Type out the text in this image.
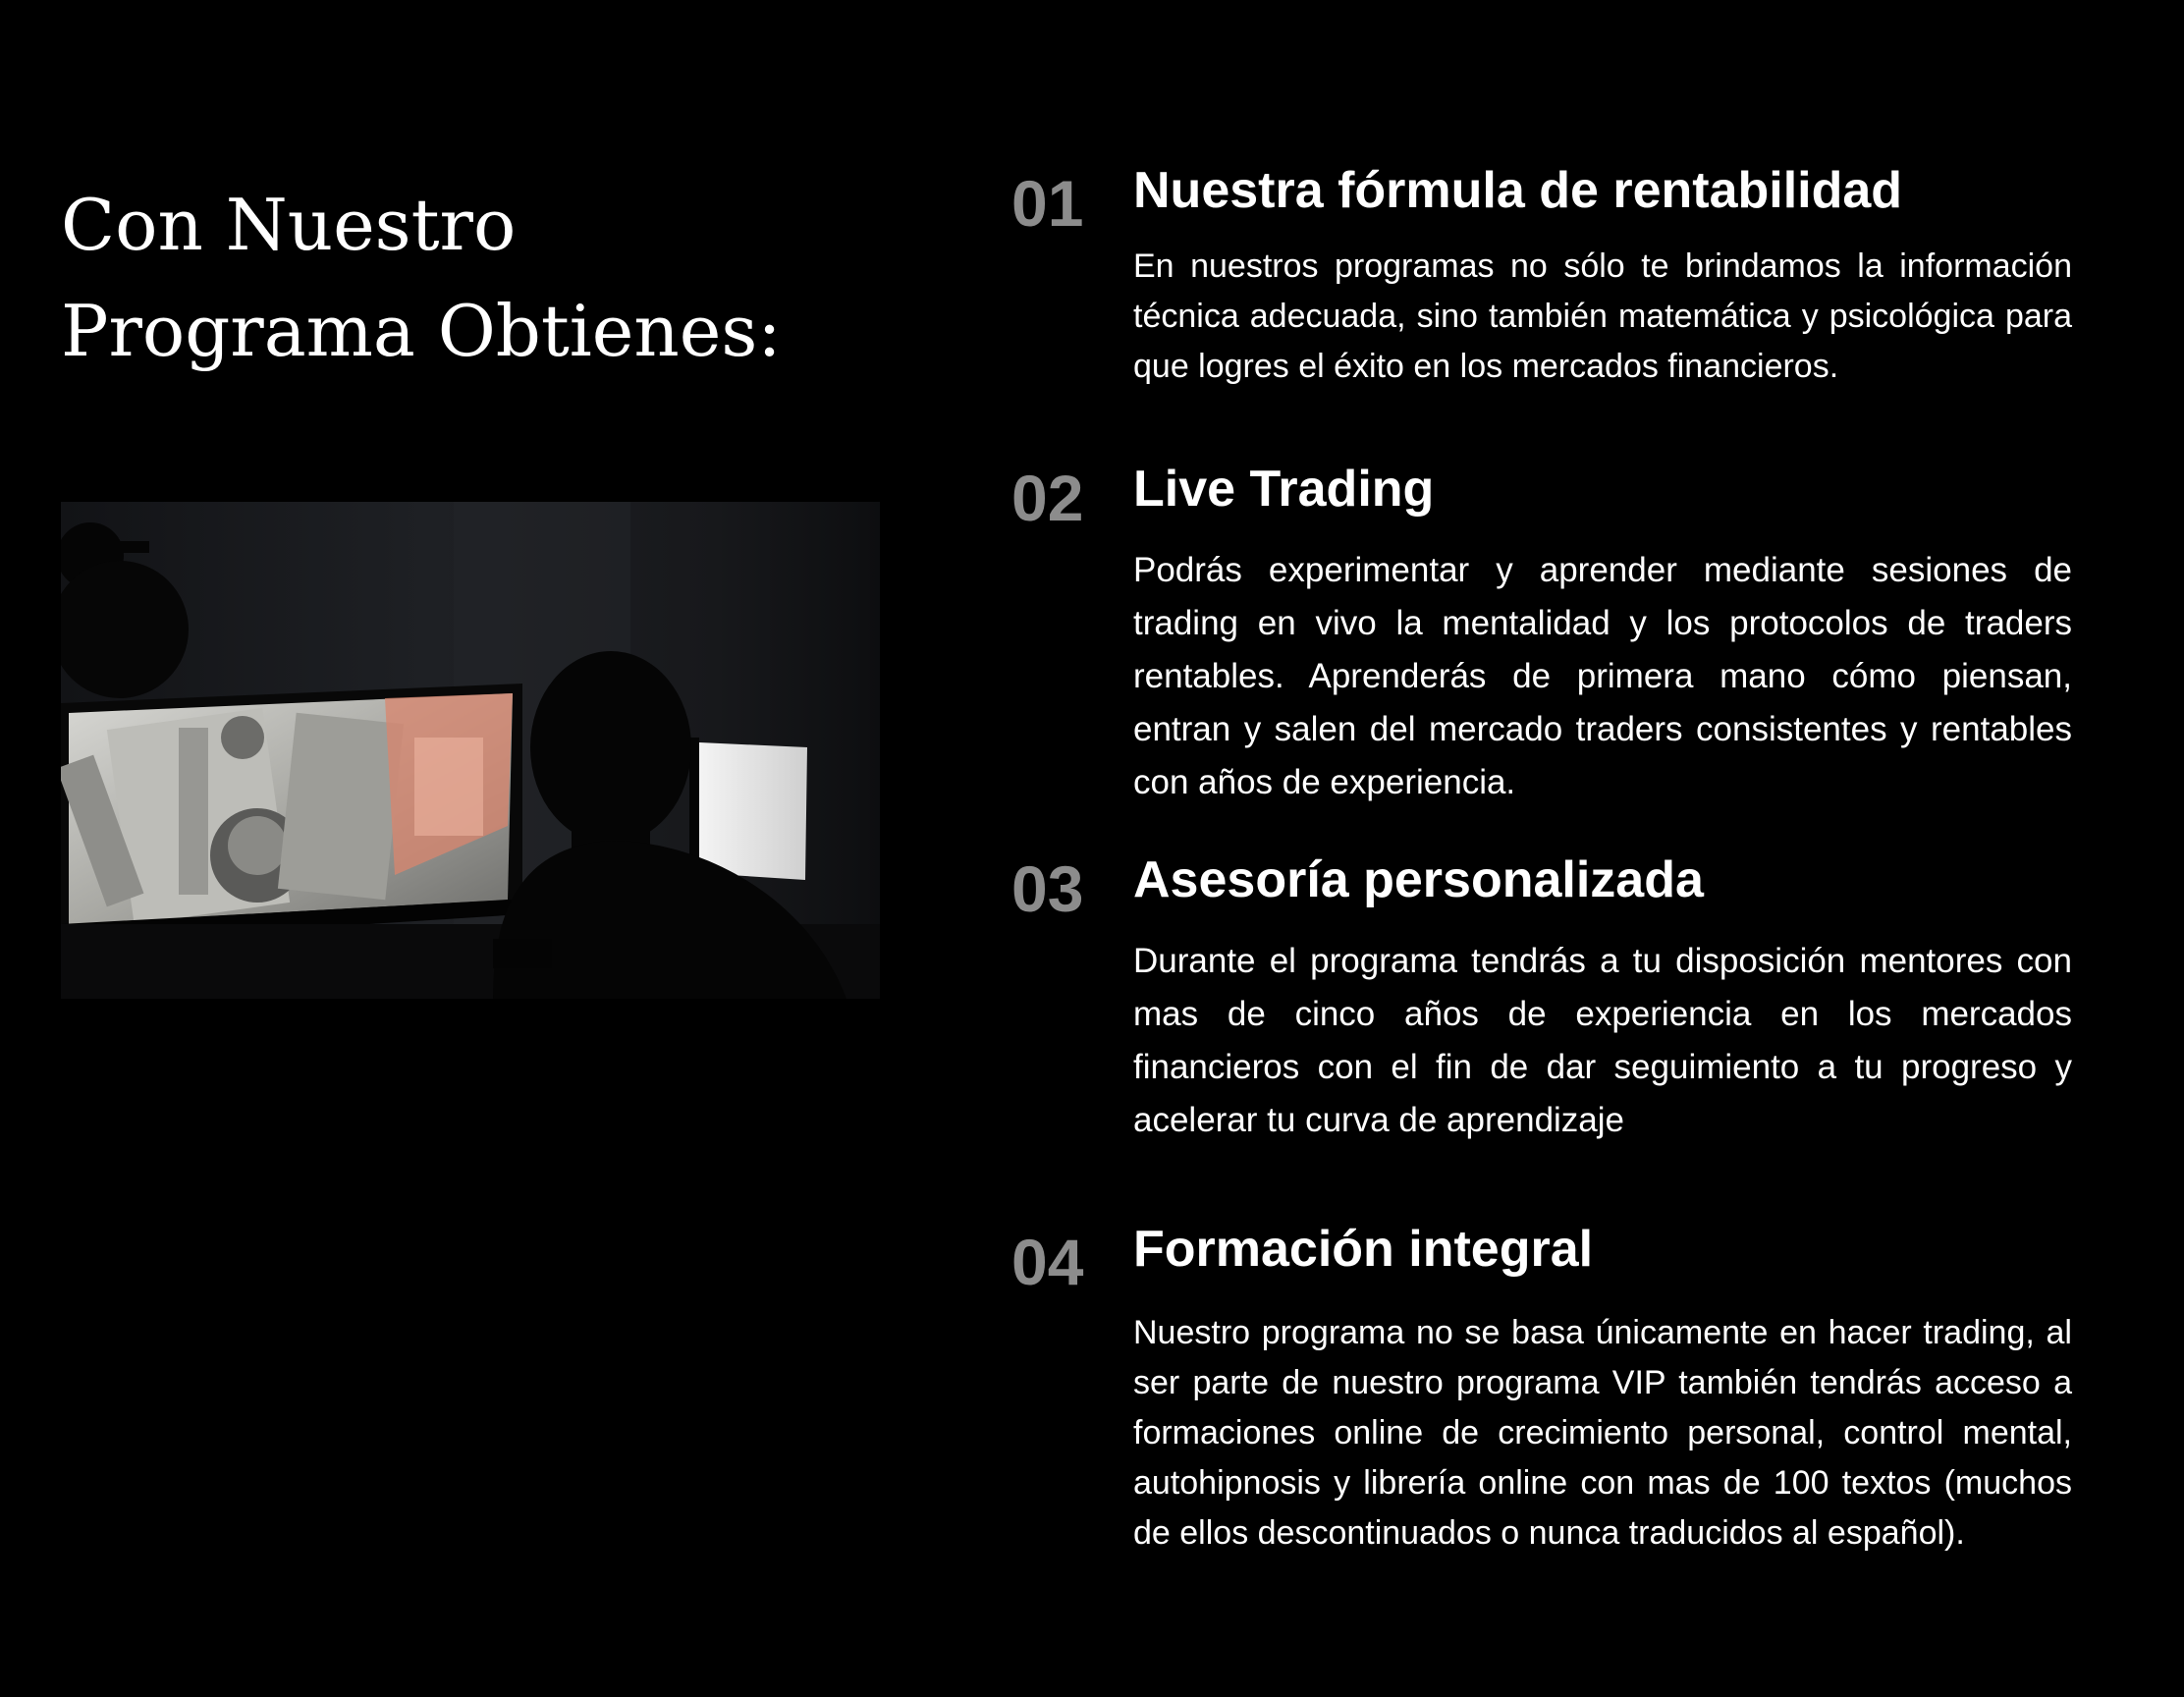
Con Nuestro
Programa Obtienes:
01 Nuestra fórmula de rentabilidad

En nuestros programas no sólo te brindamos la información técnica adecuada, sino también matemática y psicológica para que logres el éxito en los mercados financieros.

02 Live Trading

Podrás experimentar y aprender mediante sesiones de trading en vivo la mentalidad y los protocolos de traders rentables. Aprenderás de primera mano cómo piensan, entran y salen del mercado traders consistentes y rentables con años de experiencia.

03 Asesoría personalizada

Durante el programa tendrás a tu disposición mentores con mas de cinco años de experiencia en los mercados financieros con el fin de dar seguimiento a tu progreso y acelerar tu curva de aprendizaje

04 Formación integral

Nuestro programa no se basa únicamente en hacer trading, al ser parte de nuestro programa VIP también tendrás acceso a formaciones online de crecimiento personal, control mental, autohipnosis y librería online con mas de 100 textos (muchos de ellos descontinuados o nunca traducidos al español).
